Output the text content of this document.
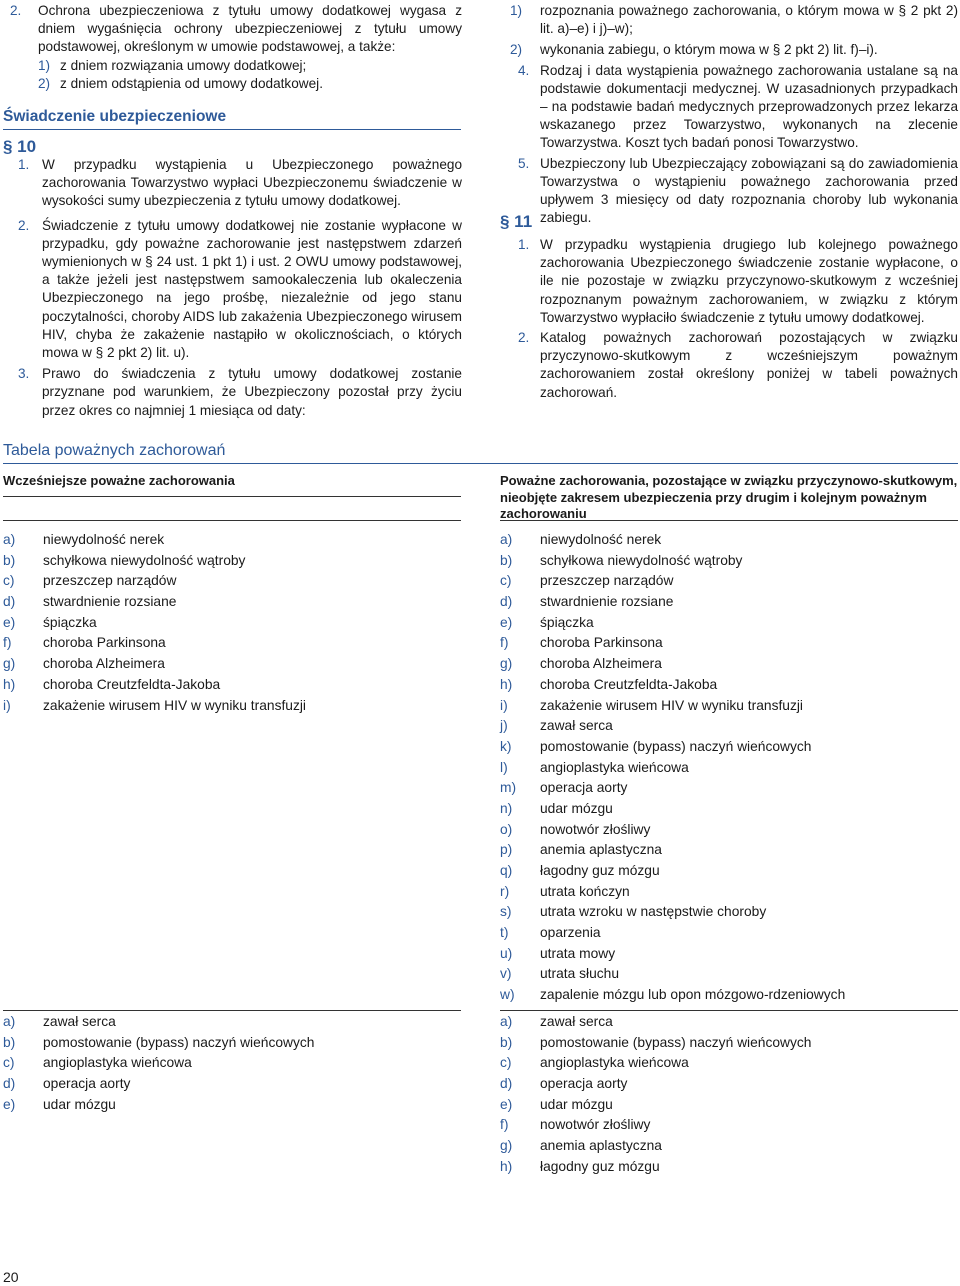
2. Ochrona ubezpieczeniowa z tytułu umowy dodatkowej wygasa z dniem wygaśnięcia ochrony ubezpieczeniowej z tytułu umowy podstawowej, określonym w umowie podstawowej, a także:
1) z dniem rozwiązania umowy dodatkowej;
2) z dniem odstąpienia od umowy dodatkowej.
Świadczenie ubezpieczeniowe
§ 10
1. W przypadku wystąpienia u Ubezpieczonego poważnego zachorowania Towarzystwo wypłaci Ubezpieczonemu świadczenie w wysokości sumy ubezpieczenia z tytułu umowy dodatkowej.
2. Świadczenie z tytułu umowy dodatkowej nie zostanie wypłacone w przypadku, gdy poważne zachorowanie jest następstwem zdarzeń wymienionych w § 24 ust. 1 pkt 1) i ust. 2 OWU umowy podstawowej, a także jeżeli jest następstwem samookaleczenia lub okaleczenia Ubezpieczonego na jego prośbę, niezależnie od jego stanu poczytalności, choroby AIDS lub zakażenia Ubezpieczonego wirusem HIV, chyba że zakażenie nastąpiło w okolicznościach, o których mowa w § 2 pkt 2) lit. u).
3. Prawo do świadczenia z tytułu umowy dodatkowej zostanie przyznane pod warunkiem, że Ubezpieczony pozostał przy życiu przez okres co najmniej 1 miesiąca od daty:
1) rozpoznania poważnego zachorowania, o którym mowa w § 2 pkt 2) lit. a)–e) i j)–w);
2) wykonania zabiegu, o którym mowa w § 2 pkt 2) lit. f)–i).
4. Rodzaj i data wystąpienia poważnego zachorowania ustalane są na podstawie dokumentacji medycznej. W uzasadnionych przypadkach – na podstawie badań medycznych przeprowadzonych przez lekarza wskazanego przez Towarzystwo, wykonanych na zlecenie Towarzystwa. Koszt tych badań ponosi Towarzystwo.
5. Ubezpieczony lub Ubezpieczający zobowiązani są do zawiadomienia Towarzystwa o wystąpieniu poważnego zachorowania przed upływem 3 miesięcy od daty rozpoznania choroby lub wykonania zabiegu.
§ 11
1. W przypadku wystąpienia drugiego lub kolejnego poważnego zachorowania Ubezpieczonego świadczenie zostanie wypłacone, o ile nie pozostaje w związku przyczynowo-skutkowym z wcześniej rozpoznanym poważnym zachorowaniem, w związku z którym Towarzystwo wypłaciło świadczenie z tytułu umowy dodatkowej.
2. Katalog poważnych zachorowań pozostających w związku przyczynowo-skutkowym z wcześniejszym poważnym zachorowaniem został określony poniżej w tabeli poważnych zachorowań.
Tabela poważnych zachorowań
Wcześniejsze poważne zachorowania	Poważne zachorowania, pozostające w związku przyczynowo-skutkowym, nieobjęte zakresem ubezpieczenia przy drugim i kolejnym poważnym zachorowaniu
a) niewydolność nerek
b) schyłkowa niewydolność wątroby
c) przeszczep narządów
d) stwardnienie rozsiane
e) śpiączka
f) choroba Parkinsona
g) choroba Alzheimera
h) choroba Creutzfeldta-Jakoba
i) zakażenie wirusem HIV w wyniku transfuzji
a) niewydolność nerek
b) schyłkowa niewydolność wątroby
c) przeszczep narządów
d) stwardnienie rozsiane
e) śpiączka
f) choroba Parkinsona
g) choroba Alzheimera
h) choroba Creutzfeldta-Jakoba
i) zakażenie wirusem HIV w wyniku transfuzji
j) zawał serca
k) pomostowanie (bypass) naczyń wieńcowych
l) angioplastyka wieńcowa
m) operacja aorty
n) udar mózgu
o) nowotwór złośliwy
p) anemia aplastyczna
q) łagodny guz mózgu
r) utrata kończyn
s) utrata wzroku w następstwie choroby
t) oparzenia
u) utrata mowy
v) utrata słuchu
w) zapalenie mózgu lub opon mózgowo-rdzeniowych
a) zawał serca
b) pomostowanie (bypass) naczyń wieńcowych
c) angioplastyka wieńcowa
d) operacja aorty
e) udar mózgu
a) zawał serca
b) pomostowanie (bypass) naczyń wieńcowych
c) angioplastyka wieńcowa
d) operacja aorty
e) udar mózgu
f) nowotwór złośliwy
g) anemia aplastyczna
h) łagodny guz mózgu
20
